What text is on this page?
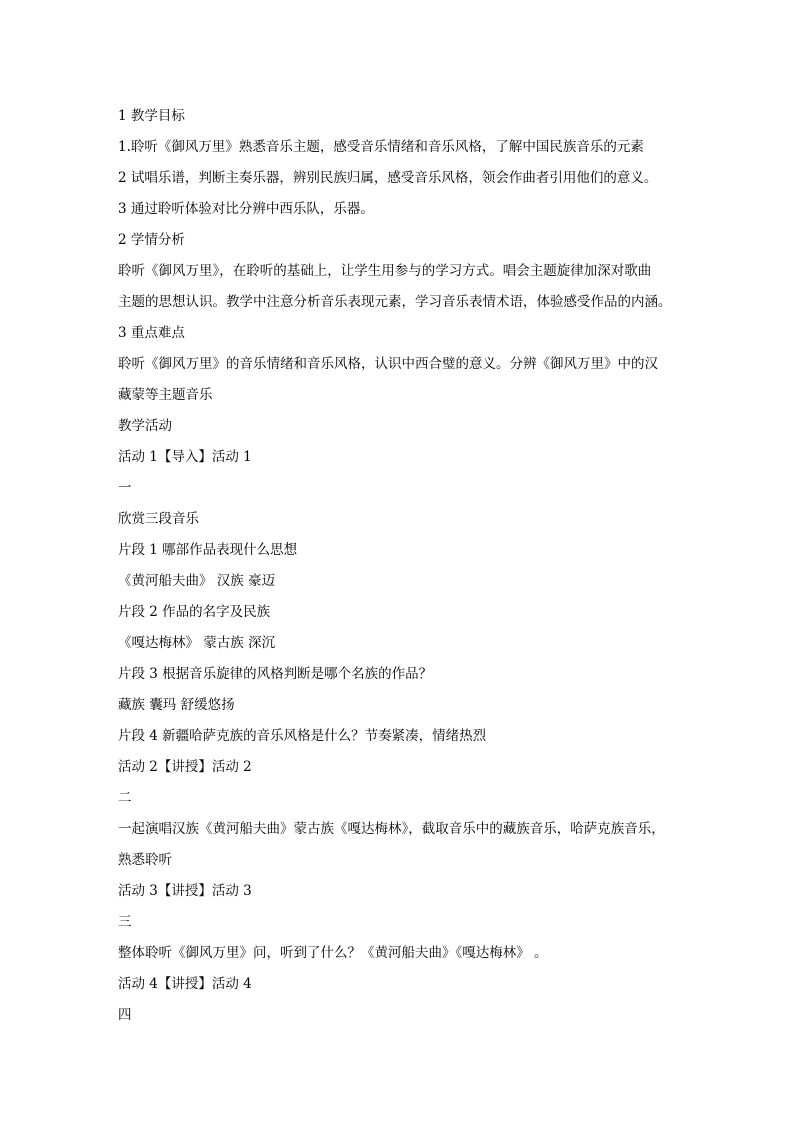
1 教学目标
1.聆听《御风万里》熟悉音乐主题，感受音乐情绪和音乐风格，了解中国民族音乐的元素
2 试唱乐谱，判断主奏乐器，辨别民族归属，感受音乐风格，领会作曲者引用他们的意义。
3 通过聆听体验对比分辨中西乐队，乐器。
2 学情分析
聆听《御风万里》，在聆听的基础上，让学生用参与的学习方式。唱会主题旋律加深对歌曲
主题的思想认识。教学中注意分析音乐表现元素，学习音乐表情术语，体验感受作品的内涵。
3 重点难点
聆听《御风万里》的音乐情绪和音乐风格，认识中西合璧的意义。分辨《御风万里》中的汉
藏蒙等主题音乐
教学活动
活动 1【导入】活动 1
一
欣赏三段音乐
片段 1 哪部作品表现什么思想
《黄河船夫曲》 汉族 豪迈
片段 2 作品的名字及民族
《嘎达梅林》 蒙古族 深沉
片段 3 根据音乐旋律的风格判断是哪个名族的作品？
藏族 囊玛 舒缓悠扬
片段 4 新疆哈萨克族的音乐风格是什么？节奏紧凑，情绪热烈
活动 2【讲授】活动 2
二
一起演唱汉族《黄河船夫曲》蒙古族《嘎达梅林》，截取音乐中的藏族音乐，哈萨克族音乐，
熟悉聆听
活动 3【讲授】活动 3
三
整体聆听《御风万里》问，听到了什么？《黄河船夫曲》《嘎达梅林》 。
活动 4【讲授】活动 4
四
